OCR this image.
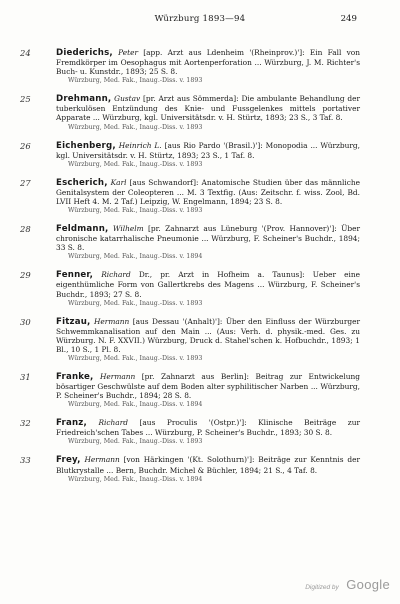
Würzburg 1893—94	249
24	Diederichs, Peter [app. Arzt aus Ldenheim '(Rheinprov.)']: Ein Fall von Fremdkörper im Oesophagus mit Aortenperforation ... Würzburg, J. M. Richter's Buch- u. Kunstdr., 1893; 25 S. 8.
Würzburg, Med. Fak., Inaug.-Diss. v. 1893
25	Drehmann, Gustav [pr. Arzt aus Sömmerda]: Die ambulante Behandlung der tuberkulösen Entzündung des Knie- und Fussgelenkes mittels portativer Apparate ... Würzburg, kgl. Universitätsdr. v. H. Stürtz, 1893; 23 S., 3 Taf. 8.
Würzburg, Med. Fak., Inaug.-Diss. v. 1893
26	Eichenberg, Heinrich L. [aus Rio Pardo '(Brasil.)']: Monopodia ... Würzburg, kgl. Universitätsdr. v. H. Stürtz, 1893; 23 S., 1 Taf. 8.
Würzburg, Med. Fak., Inaug.-Diss. v. 1893
27	Escherich, Karl [aus Schwandorf]: Anatomische Studien über das männliche Genitalsystem der Coleopteren ... M. 3 Textfig. (Aus: Zeitschr. f. wiss. Zool, Bd. LVII Heft 4. M. 2 Taf.) Leipzig, W. Engelmann, 1894; 23 S. 8.
Würzburg, Med. Fak., Inaug.-Diss. v. 1893
28	Feldmann, Wilhelm [pr. Zahnarzt aus Lüneburg '(Prov. Hannover)']: Über chronische katarrhalische Pneumonie ... Würzburg, F. Scheiner's Buchdr., 1894; 33 S. 8.
Würzburg, Med. Fak., Inaug.-Diss. v. 1894
29	Fenner, Richard Dr., pr. Arzt in Hofheim a. Taunus]: Ueber eine eigenthümliche Form von Gallertkrebs des Magens ... Würzburg, F. Scheiner's Buchdr., 1893; 27 S. 8.
Würzburg, Med. Fak., Inaug.-Diss. v. 1893
30	Fitzau, Hermann [aus Dessau '(Anhalt)']: Über den Einfluss der Würzburger Schwemmkanalisation auf den Main ... (Aus: Verh. d. physik.-med. Ges. zu Würzburg. N. F. XXVII.) Würzburg, Druck d. Stahel'schen k. Hofbuchdr., 1893; 1 Bl., 10 S., 1 Pl. 8.
Würzburg, Med. Fak., Inaug.-Diss. v. 1893
31	Franke, Hermann [pr. Zahnarzt aus Berlin]: Beitrag zur Entwickelung bösartiger Geschwülste auf dem Boden alter syphilitischer Narben ... Würzburg, P. Scheiner's Buchdr., 1894; 28 S. 8.
Würzburg, Med. Fak., Inaug.-Diss. v. 1894
32	Franz, Richard [aus Proculis '(Ostpr.)']: Klinische Beiträge zur Friedreich'schen Tabes ... Würzburg, P. Scheiner's Buchdr., 1893; 30 S. 8.
Würzburg, Med. Fak., Inaug.-Diss. v. 1893
33	Frey, Hermann [von Härkingen '(Kt. Solothurn)']: Beiträge zur Kenntnis der Blutkrystalle ... Bern, Buchdr. Michel & Büchler, 1894; 21 S., 4 Taf. 8.
Würzburg, Med. Fak., Inaug.-Diss. v. 1894
Digitized by Google
